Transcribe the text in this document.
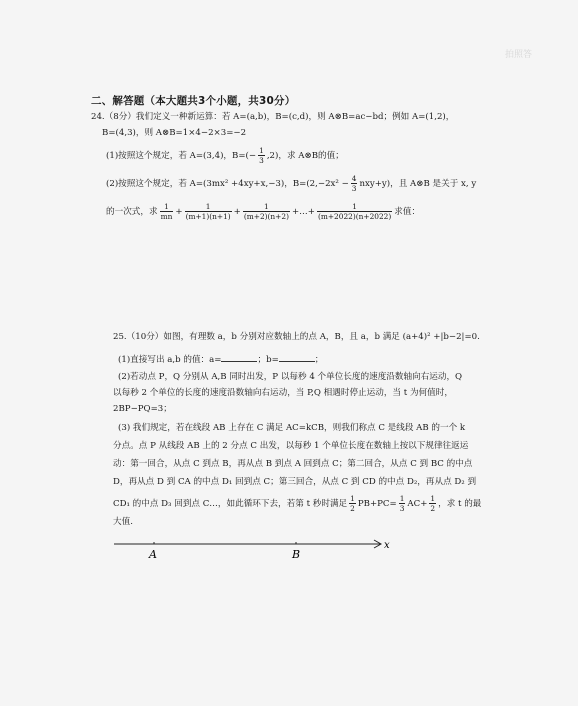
拍照答
二、解答题（本大题共3个小题，共30分）
24.（8分）我们定义一种新运算：若 A=(a,b)，B=(c,d)，则 A⊗B=ac−bd；例如 A=(1,2)，
B=(4,3)，则 A⊗B=1×4−2×3=−2
(1)按照这个规定，若 A=(3,4)，$B=(- \frac{1}{3} ,2)$，求 A⊗B的值；
(2)按照这个规定，若 A=(3mx² +4xy+x,−3)，$B=(2,-2x^2 - \frac{4}{3} nxy+y)$，且 A⊗B 是关于 x, y
的一次式，求 $\frac{1}{mn} + \frac{1}{(m+1)(n+1)} + \frac{1}{(m+2)(n+2)}$ +…+ $\frac{1}{(m+2022)(n+2022)}$ 求值：
25.（10分）如图，有理数 a，b 分别对应数轴上的点 A，B，且 a，b 满足 (a+4)² +|b−2|=0.
(1)直接写出 a,b 的值：a=	；b=	；
(2)若动点 P，Q 分别从 A,B 同时出发，P 以每秒 4 个单位长度的速度沿数轴向右运动，Q
以每秒 2 个单位的长度的速度沿数轴向右运动，当 P,Q 相遇时停止运动，当 t 为何值时，
2BP−PQ=3；
(3) 我们规定，若在线段 AB 上存在 C 满足 AC=kCB，则我们称点 C 是线段 AB 的一个 k
分点。点 P 从线段 AB 上的 2 分点 C 出发，以每秒 1 个单位长度在数轴上按以下规律往返运
动：第一回合，从点 C 到点 B，再从点 B 到点 A 回到点 C；第二回合，从点 C 到 BC 的中点
D，再从点 D 到 CA 的中点 D₁ 回到点 C；第三回合，从点 C 到 CD 的中点 D₂，再从点 D₂ 到
CD₁ 的中点 D₃ 回到点 C…，如此循环下去，若第 t 秒时满足 $\frac{1}{2} PB+PC= \frac{1}{3} AC+ \frac{1}{2}$ ，求 t 的最
大值.
A	B
x
